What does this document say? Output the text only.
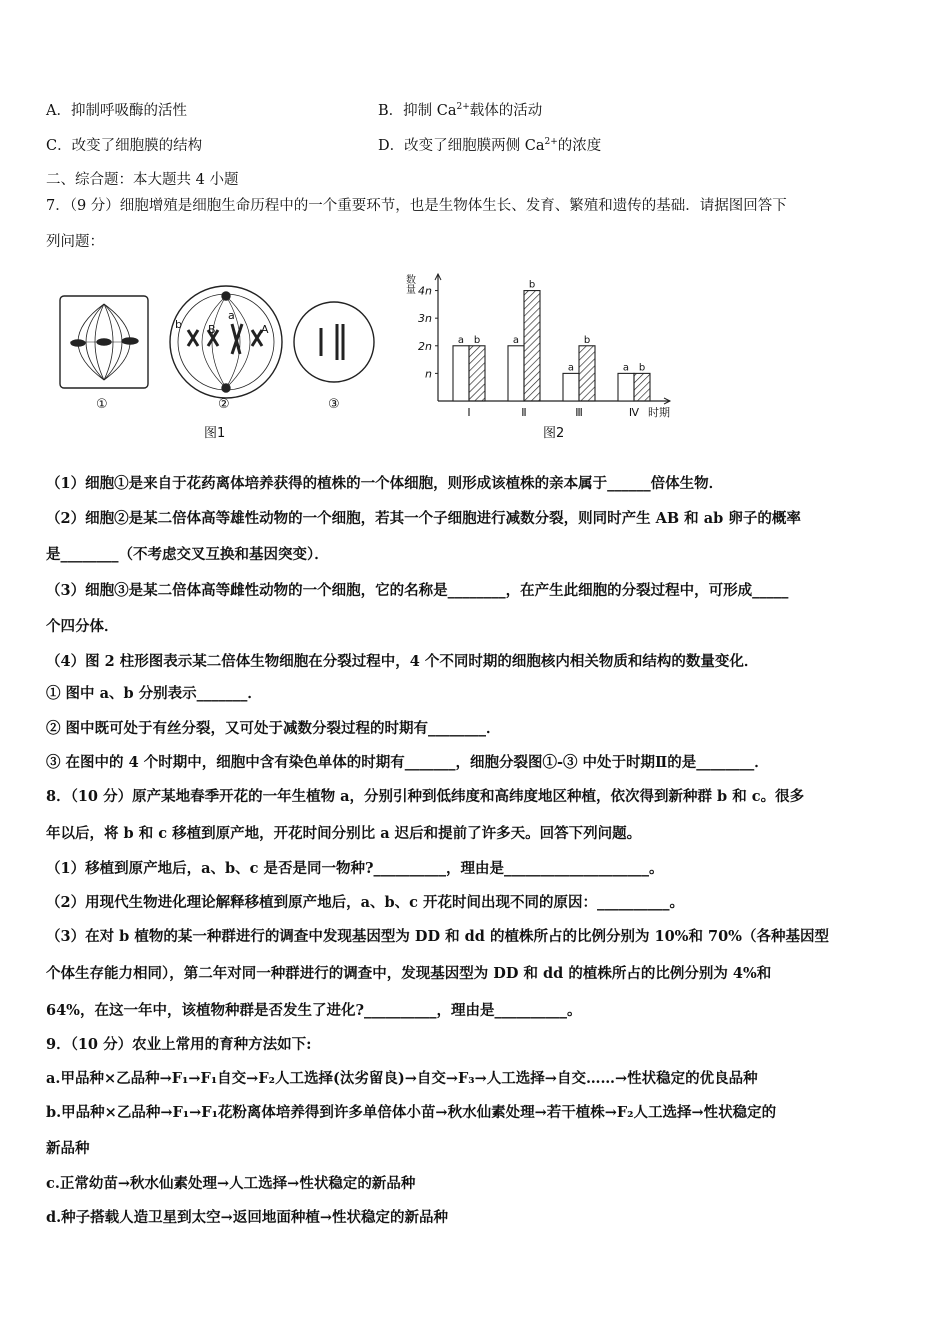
A．抑制呼吸酶的活性	B．抑制 $Ca^{2+}$载体的活动
C．改变了细胞膜的结构	D．改变了细胞膜两侧 $Ca^{2+}$的浓度
二、综合题：本大题共 4 小题
7．（9 分）细胞增殖是细胞生命历程中的一个重要环节，也是生物体生长、发育、繁殖和遗传的基础．请据图回答下
列问题：
b B
a
A
①	②	③
图1
数量
时期
图2
n
2n
3n
4n
a b
Ⅰ
a
b
Ⅱ
a
b
Ⅲ
a b
Ⅳ
（1）细胞①是来自于花药离体培养获得的植株的一个体细胞，则形成该植株的亲本属于______倍体生物．
（2）细胞②是某二倍体高等雄性动物的一个细胞，若其一个子细胞进行减数分裂，则同时产生 AB 和 ab 卵子的概率
是________（不考虑交叉互换和基因突变）．
（3）细胞③是某二倍体高等雌性动物的一个细胞，它的名称是________，在产生此细胞的分裂过程中，可形成_____
个四分体．
（4）图 2 柱形图表示某二倍体生物细胞在分裂过程中，4 个不同时期的细胞核内相关物质和结构的数量变化．
① 图中 a、b 分别表示_______．
② 图中既可处于有丝分裂，又可处于减数分裂过程的时期有________．
③ 在图中的 4 个时期中，细胞中含有染色单体的时期有_______，细胞分裂图①-③ 中处于时期Ⅱ的是________．
8．（10 分）原产某地春季开花的一年生植物 a，分别引种到低纬度和高纬度地区种植，依次得到新种群 b 和 c。很多
年以后，将 b 和 c 移植到原产地，开花时间分别比 a 迟后和提前了许多天。回答下列问题。
（1）移植到原产地后，a、b、c 是否是同一物种?__________，理由是____________________。
（2）用现代生物进化理论解释移植到原产地后，a、b、c 开花时间出现不同的原因：__________。
（3）在对 b 植物的某一种群进行的调查中发现基因型为 DD 和 dd 的植株所占的比例分别为 10%和 70%（各种基因型
个体生存能力相同），第二年对同一种群进行的调查中，发现基因型为 DD 和 dd 的植株所占的比例分别为 4%和
64%，在这一年中，该植物种群是否发生了进化?__________，理由是__________。
9．（10 分）农业上常用的育种方法如下:
a.甲品种×乙品种→F₁→F₁自交→F₂人工选择(汰劣留良)→自交→F₃→人工选择→自交……→性状稳定的优良品种
b.甲品种×乙品种→F₁→F₁花粉离体培养得到许多单倍体小苗→秋水仙素处理→若干植株→F₂人工选择→性状稳定的
新品种
c.正常幼苗→秋水仙素处理→人工选择→性状稳定的新品种
d.种子搭载人造卫星到太空→返回地面种植→性状稳定的新品种
